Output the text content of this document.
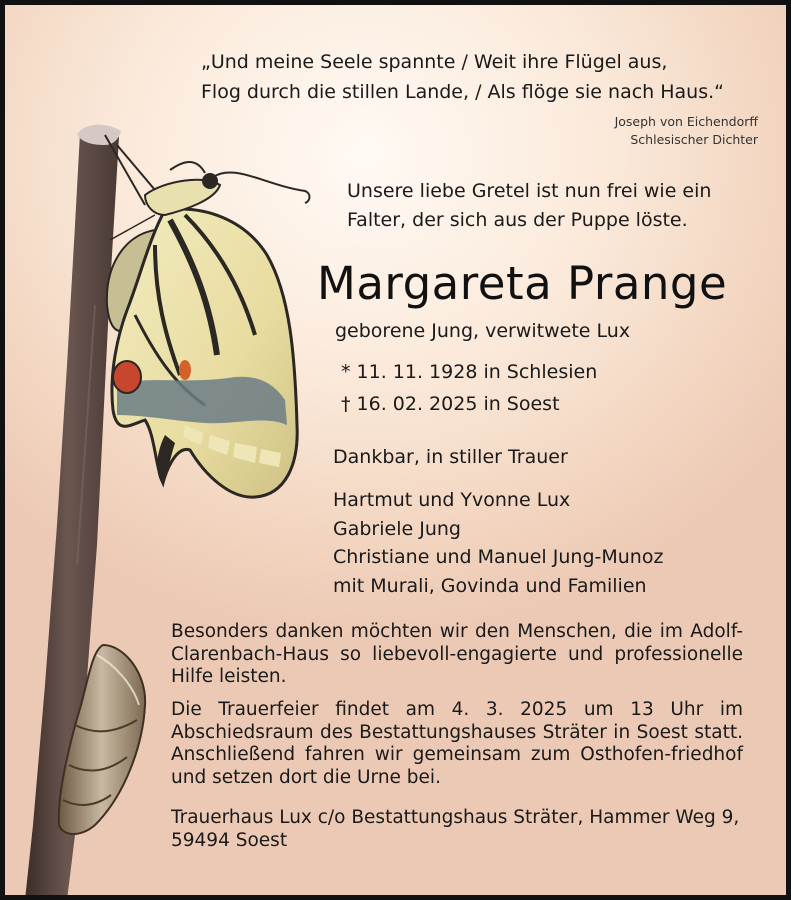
„Und meine Seele spannte / Weit ihre Flügel aus,
Flog durch die stillen Lande, / Als flöge sie nach Haus.“
Joseph von Eichendorff
Schlesischer Dichter
Unsere liebe Gretel ist nun frei wie ein
Falter, der sich aus der Puppe löste.
Margareta Prange
geborene Jung, verwitwete Lux
* 11. 11. 1928 in Schlesien
† 16. 02. 2025 in Soest
Dankbar, in stiller Trauer
Hartmut und Yvonne Lux
Gabriele Jung
Christiane und Manuel Jung-Munoz
mit Murali, Govinda und Familien
Besonders danken möchten wir den Menschen, die im Adolf-Clarenbach-Haus so liebevoll-engagierte und professionelle Hilfe leisten.
Die Trauerfeier findet am 4. 3. 2025 um 13 Uhr im Abschiedsraum des Bestattungshauses Sträter in Soest statt. Anschließend fahren wir gemeinsam zum Osthofen-friedhof und setzen dort die Urne bei.
Trauerhaus Lux c/o Bestattungshaus Sträter, Hammer Weg 9, 59494 Soest
